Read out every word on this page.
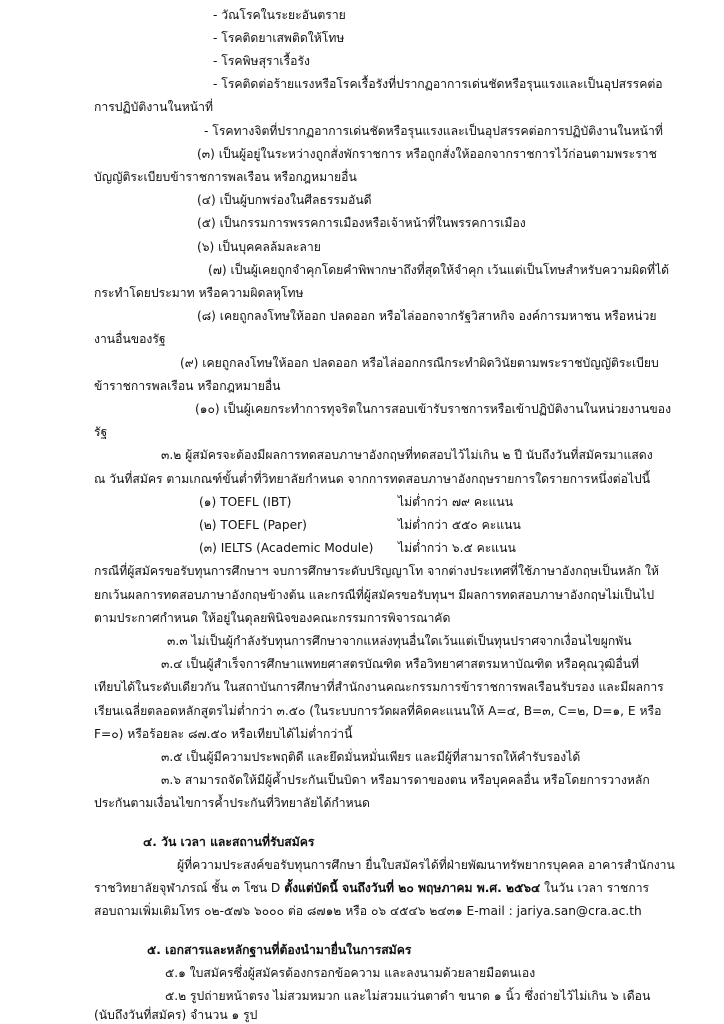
- วัณโรคในระยะอันตราย
- โรคติดยาเสพติดให้โทษ
- โรคพิษสุราเรื้อรัง
- โรคติดต่อร้ายแรงหรือโรคเรื้อรังที่ปรากฏอาการเด่นชัดหรือรุนแรงและเป็นอุปสรรคต่อ
การปฏิบัติงานในหน้าที่
- โรคทางจิตที่ปรากฏอาการเด่นชัดหรือรุนแรงและเป็นอุปสรรคต่อการปฏิบัติงานในหน้าที่
(๓) เป็นผู้อยู่ในระหว่างถูกสั่งพักราชการ หรือถูกสั่งให้ออกจากราชการไว้ก่อนตามพระราช
บัญญัติระเบียบข้าราชการพลเรือน หรือกฎหมายอื่น
(๔) เป็นผู้บกพร่องในศีลธรรมอันดี
(๕) เป็นกรรมการพรรคการเมืองหรือเจ้าหน้าที่ในพรรคการเมือง
(๖) เป็นบุคคลล้มละลาย
(๗) เป็นผู้เคยถูกจำคุกโดยคำพิพากษาถึงที่สุดให้จำคุก เว้นแต่เป็นโทษสำหรับความผิดที่ได้
กระทำโดยประมาท หรือความผิดลหุโทษ
(๘) เคยถูกลงโทษให้ออก ปลดออก หรือไล่ออกจากรัฐวิสาหกิจ องค์การมหาชน หรือหน่วย
งานอื่นของรัฐ
(๙) เคยถูกลงโทษให้ออก ปลดออก หรือไล่ออกกรณีกระทำผิดวินัยตามพระราชบัญญัติระเบียบ
ข้าราชการพลเรือน หรือกฎหมายอื่น
(๑๐) เป็นผู้เคยกระทำการทุจริตในการสอบเข้ารับราชการหรือเข้าปฏิบัติงานในหน่วยงานของ
รัฐ
๓.๒ ผู้สมัครจะต้องมีผลการทดสอบภาษาอังกฤษที่ทดสอบไว้ไม่เกิน ๒ ปี นับถึงวันที่สมัครมาแสดง
ณ วันที่สมัคร ตามเกณฑ์ขั้นต่ำที่วิทยาลัยกำหนด จากการทดสอบภาษาอังกฤษรายการใดรายการหนึ่งต่อไปนี้
(๑) TOEFL (IBT)	ไม่ต่ำกว่า ๗๙ คะแนน
(๒) TOEFL (Paper)	ไม่ต่ำกว่า ๕๕๐ คะแนน
(๓) IELTS (Academic Module) ไม่ต่ำกว่า ๖.๕ คะแนน
กรณีที่ผู้สมัครขอรับทุนการศึกษาฯ จบการศึกษาระดับปริญญาโท จากต่างประเทศที่ใช้ภาษาอังกฤษเป็นหลัก ให้
ยกเว้นผลการทดสอบภาษาอังกฤษข้างต้น และกรณีที่ผู้สมัครขอรับทุนฯ มีผลการทดสอบภาษาอังกฤษไม่เป็นไป
ตามประกาศกำหนด ให้อยู่ในดุลยพินิจของคณะกรรมการพิจารณาคัด
๓.๓ ไม่เป็นผู้กำลังรับทุนการศึกษาจากแหล่งทุนอื่นใดเว้นแต่เป็นทุนปราศจากเงื่อนไขผูกพัน
๓.๔ เป็นผู้สำเร็จการศึกษาแพทยศาสตรบัณฑิต หรือวิทยาศาสตรมหาบัณฑิต หรือคุณวุฒิอื่นที่
เทียบได้ในระดับเดียวกัน ในสถาบันการศึกษาที่สำนักงานคณะกรรมการข้าราชการพลเรือนรับรอง และมีผลการ
เรียนเฉลี่ยตลอดหลักสูตรไม่ต่ำกว่า ๓.๕๐ (ในระบบการวัดผลที่คิดคะแนนให้ A=๔, B=๓, C=๒, D=๑, E หรือ
F=๐) หรือร้อยละ ๘๗.๕๐ หรือเทียบได้ไม่ต่ำกว่านี้
๓.๕ เป็นผู้มีความประพฤติดี และยึดมั่นหมั่นเพียร และมีผู้ที่สามารถให้คำรับรองได้
๓.๖ สามารถจัดให้มีผู้ค้ำประกันเป็นบิดา หรือมารดาของตน หรือบุคคลอื่น หรือโดยการวางหลัก
ประกันตามเงื่อนไขการค้ำประกันที่วิทยาลัยได้กำหนด
๔. วัน เวลา และสถานที่รับสมัคร
ผู้ที่ความประสงค์ขอรับทุนการศึกษา ยื่นใบสมัครได้ที่ฝ่ายพัฒนาทรัพยากรบุคคล อาคารสำนักงาน
ราชวิทยาลัยจุฬาภรณ์ ชั้น ๓ โซน D ตั้งแต่บัดนี้ จนถึงวันที่ ๒๐ พฤษภาคม พ.ศ. ๒๕๖๔ ในวัน เวลา ราชการ
สอบถามเพิ่มเติมโทร ๐๒-๕๗๖ ๖๐๐๐ ต่อ ๘๗๑๒ หรือ ๐๖ ๔๕๔๖ ๒๔๓๑ E-mail : jariya.san@cra.ac.th
๕. เอกสารและหลักฐานที่ต้องนำมายื่นในการสมัคร
๕.๑ ใบสมัครซึ่งผู้สมัครต้องกรอกข้อความ และลงนามด้วยลายมือตนเอง
๕.๒ รูปถ่ายหน้าตรง ไม่สวมหมวก และไม่สวมแว่นตาดำ ขนาด ๑ นิ้ว ซึ่งถ่ายไว้ไม่เกิน ๖ เดือน
(นับถึงวันที่สมัคร) จำนวน ๑ รูป
